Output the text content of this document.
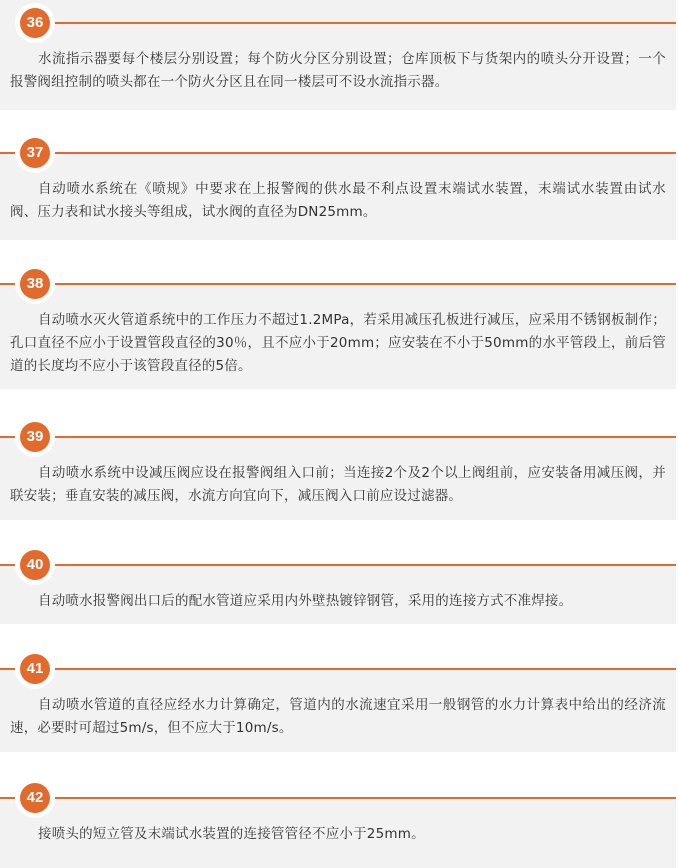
36

水流指示器要每个楼层分别设置；每个防火分区分别设置；仓库顶板下与货架内的喷头分开设置；一个报警阀组控制的喷头都在一个防火分区且在同一楼层可不设水流指示器。

37

自动喷水系统在《喷规》中要求在上报警阀的供水最不利点设置末端试水装置，末端试水装置由试水阀、压力表和试水接头等组成，试水阀的直径为DN25mm。

38

自动喷水灭火管道系统中的工作压力不超过1.2MPa，若采用减压孔板进行减压，应采用不锈钢板制作；孔口直径不应小于设置管段直径的30％，且不应小于20mm；应安装在不小于50mm的水平管段上，前后管道的长度均不应小于该管段直径的5倍。

39

自动喷水系统中设减压阀应设在报警阀组入口前；当连接2个及2个以上阀组前，应安装备用减压阀，并联安装；垂直安装的减压阀，水流方向宜向下，减压阀入口前应设过滤器。

40

自动喷水报警阀出口后的配水管道应采用内外壁热镀锌钢管，采用的连接方式不准焊接。

41

自动喷水管道的直径应经水力计算确定，管道内的水流速宜采用一般钢管的水力计算表中给出的经济流速，必要时可超过5m/s，但不应大于10m/s。

42

接喷头的短立管及末端试水装置的连接管管径不应小于25mm。
